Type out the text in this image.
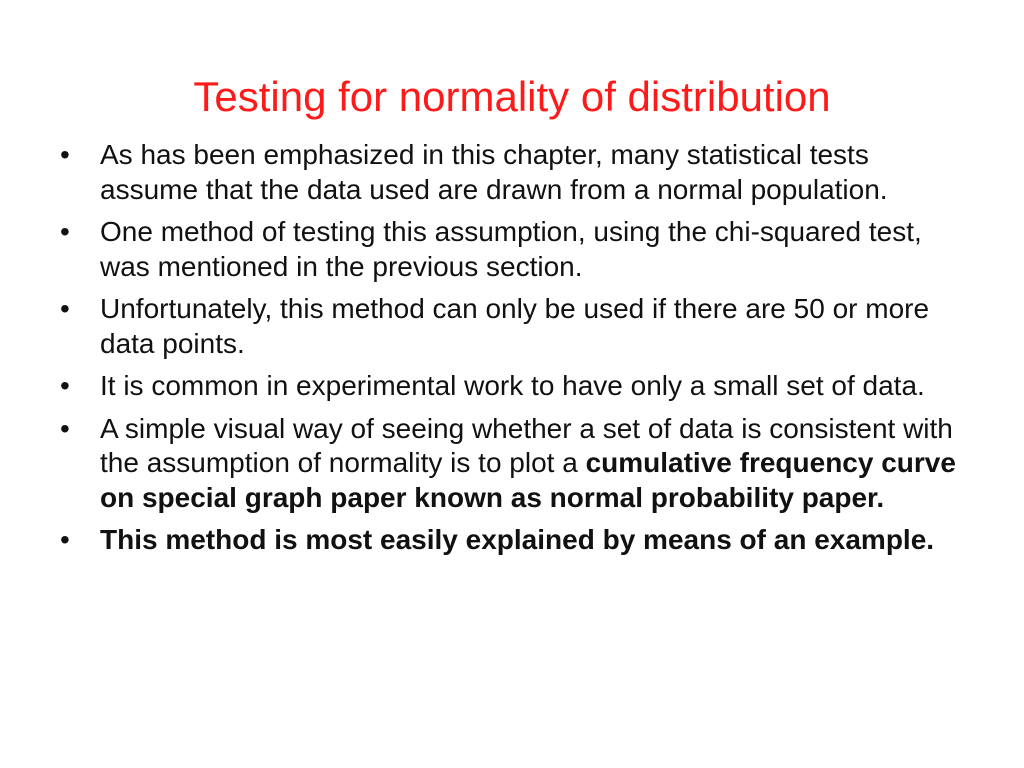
Testing for normality of distribution
• As has been emphasized in this chapter, many statistical tests assume that the data used are drawn from a normal population.
• One method of testing this assumption, using the chi-squared test, was mentioned in the previous section.
• Unfortunately, this method can only be used if there are 50 or more data points.
• It is common in experimental work to have only a small set of data.
• A simple visual way of seeing whether a set of data is consistent with the assumption of normality is to plot a cumulative frequency curve on special graph paper known as normal probability paper.
• This method is most easily explained by means of an example.
